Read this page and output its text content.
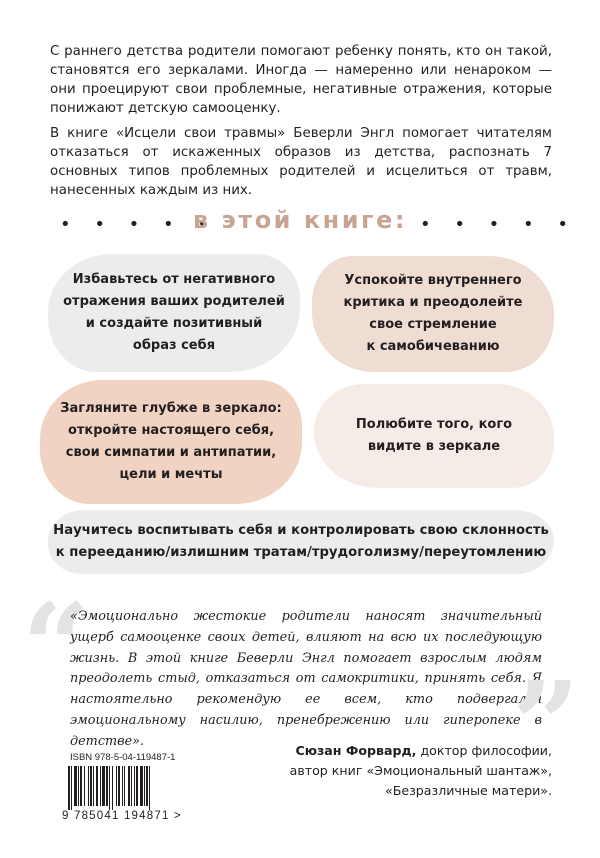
С раннего детства родители помогают ребенку понять, кто он такой, становятся его зеркалами. Иногда — намеренно или ненароком — они проецируют свои проблемные, негативные отражения, которые понижают детскую самооценку.

В книге «Исцели свои травмы» Беверли Энгл помогает читателям отказаться от искаженных образов из детства, распознать 7 основных типов проблемных родителей и исцелиться от травм, нанесенных каждым из них.

• • • • •
в этой книге: • • • • •
Избавьтесь от негативного
отражения ваших родителей
и создайте позитивный
образ себя
Успокойте внутреннего
критика и преодолейте
свое стремление
к самобичеванию
Загляните глубже в зеркало:
откройте настоящего себя,
свои симпатии и антипатии,
цели и мечты
Полюбите того, кого
видите в зеркале
Научитесь воспитывать себя и контролировать свою склонность
к перееданию/излишним тратам/трудоголизму/переутомлению
“

«Эмоционально жестокие родители наносят значительный ущерб самооценке своих детей, влияют на всю их последующую жизнь. В этой книге Беверли Энгл помогает взрослым людям преодолеть стыд, отказаться от самокритики, принять себя. Я настоятельно рекомендую ее всем, кто подвергался эмоциональному насилию, пренебрежению или гиперопеке в детстве».	”
ISBN 978-5-04-119487-1
9 785041 194871 >
Сюзан Форвард, доктор философии,
автор книг «Эмоциональный шантаж»,
«Безразличные матери».
